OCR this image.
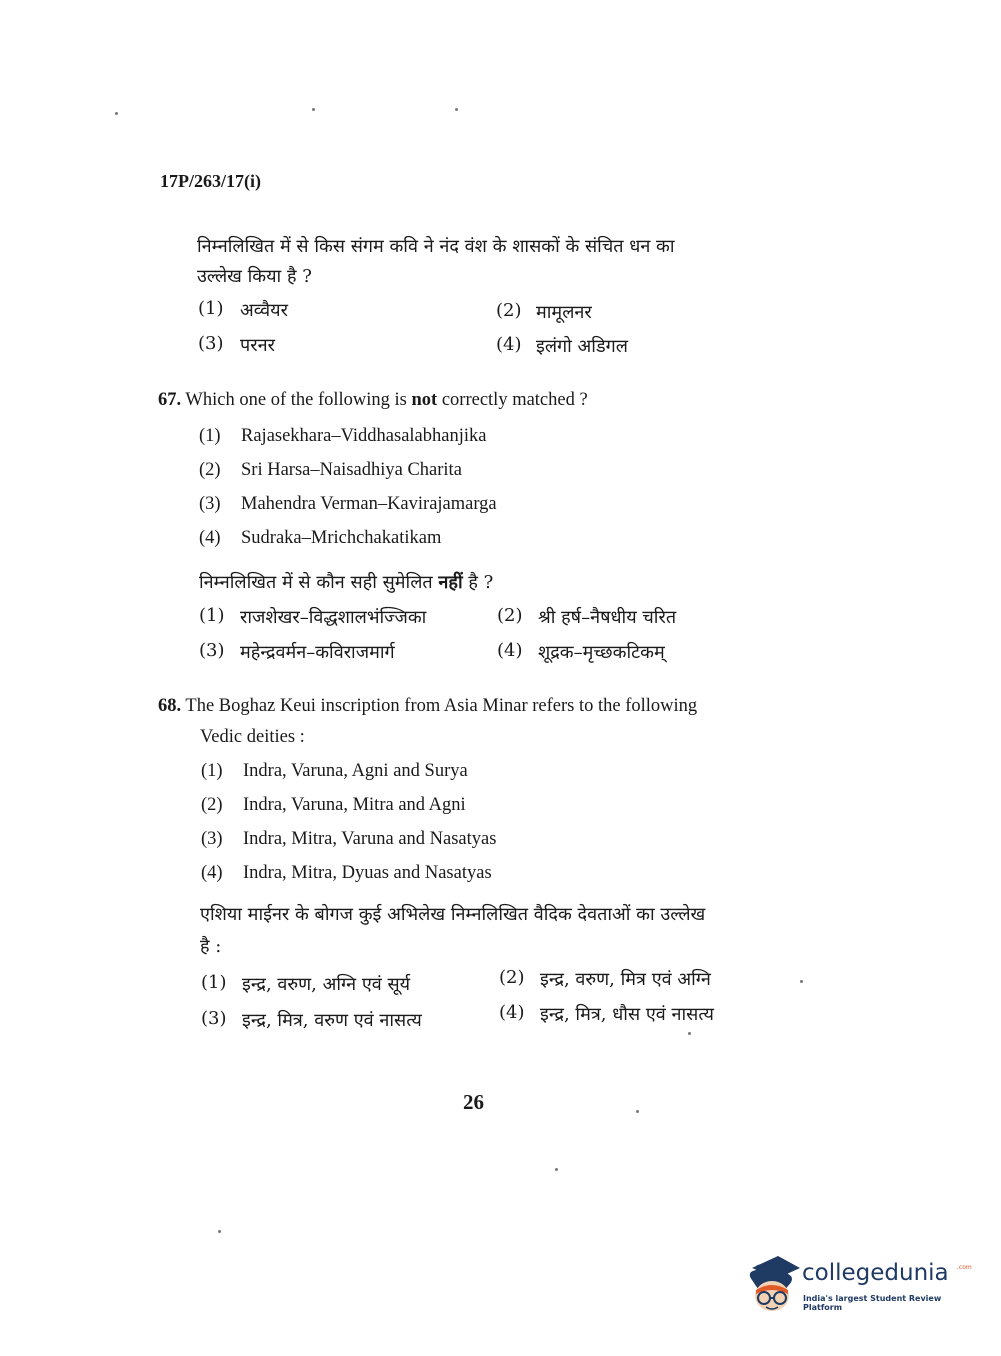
17P/263/17(i)
निम्नलिखित में से किस संगम कवि ने नंद वंश के शासकों के संचित धन का
उल्लेख किया है ?
(1) अव्वैयर	(2) मामूलनर
(3) परनर	(4) इलंगो अडिगल
67. Which one of the following is not correctly matched ?
(1) Rajasekhara–Viddhasalabhanjika
(2) Sri Harsa–Naisadhiya Charita
(3) Mahendra Verman–Kavirajamarga
(4) Sudraka–Mrichchakatikam
निम्नलिखित में से कौन सही सुमेलित नहीं है ?
(1) राजशेखर–विद्धशालभंज्जिका	(2) श्री हर्ष–नैषधीय चरित
(3) महेन्द्रवर्मन–कविराजमार्ग	(4) शूद्रक–मृच्छकटिकम्
68. The Boghaz Keui inscription from Asia Minar refers to the following
Vedic deities :
(1) Indra, Varuna, Agni and Surya
(2) Indra, Varuna, Mitra and Agni
(3) Indra, Mitra, Varuna and Nasatyas
(4) Indra, Mitra, Dyuas and Nasatyas
एशिया माईनर के बोगज कुई अभिलेख निम्नलिखित वैदिक देवताओं का उल्लेख
है :
(1) इन्द्र, वरुण, अग्नि एवं सूर्य	(2) इन्द्र, वरुण, मित्र एवं अग्नि
(3) इन्द्र, मित्र, वरुण एवं नासत्य	(4) इन्द्र, मित्र, धौस एवं नासत्य
26
collegedunia .com
India's largest Student Review Platform
